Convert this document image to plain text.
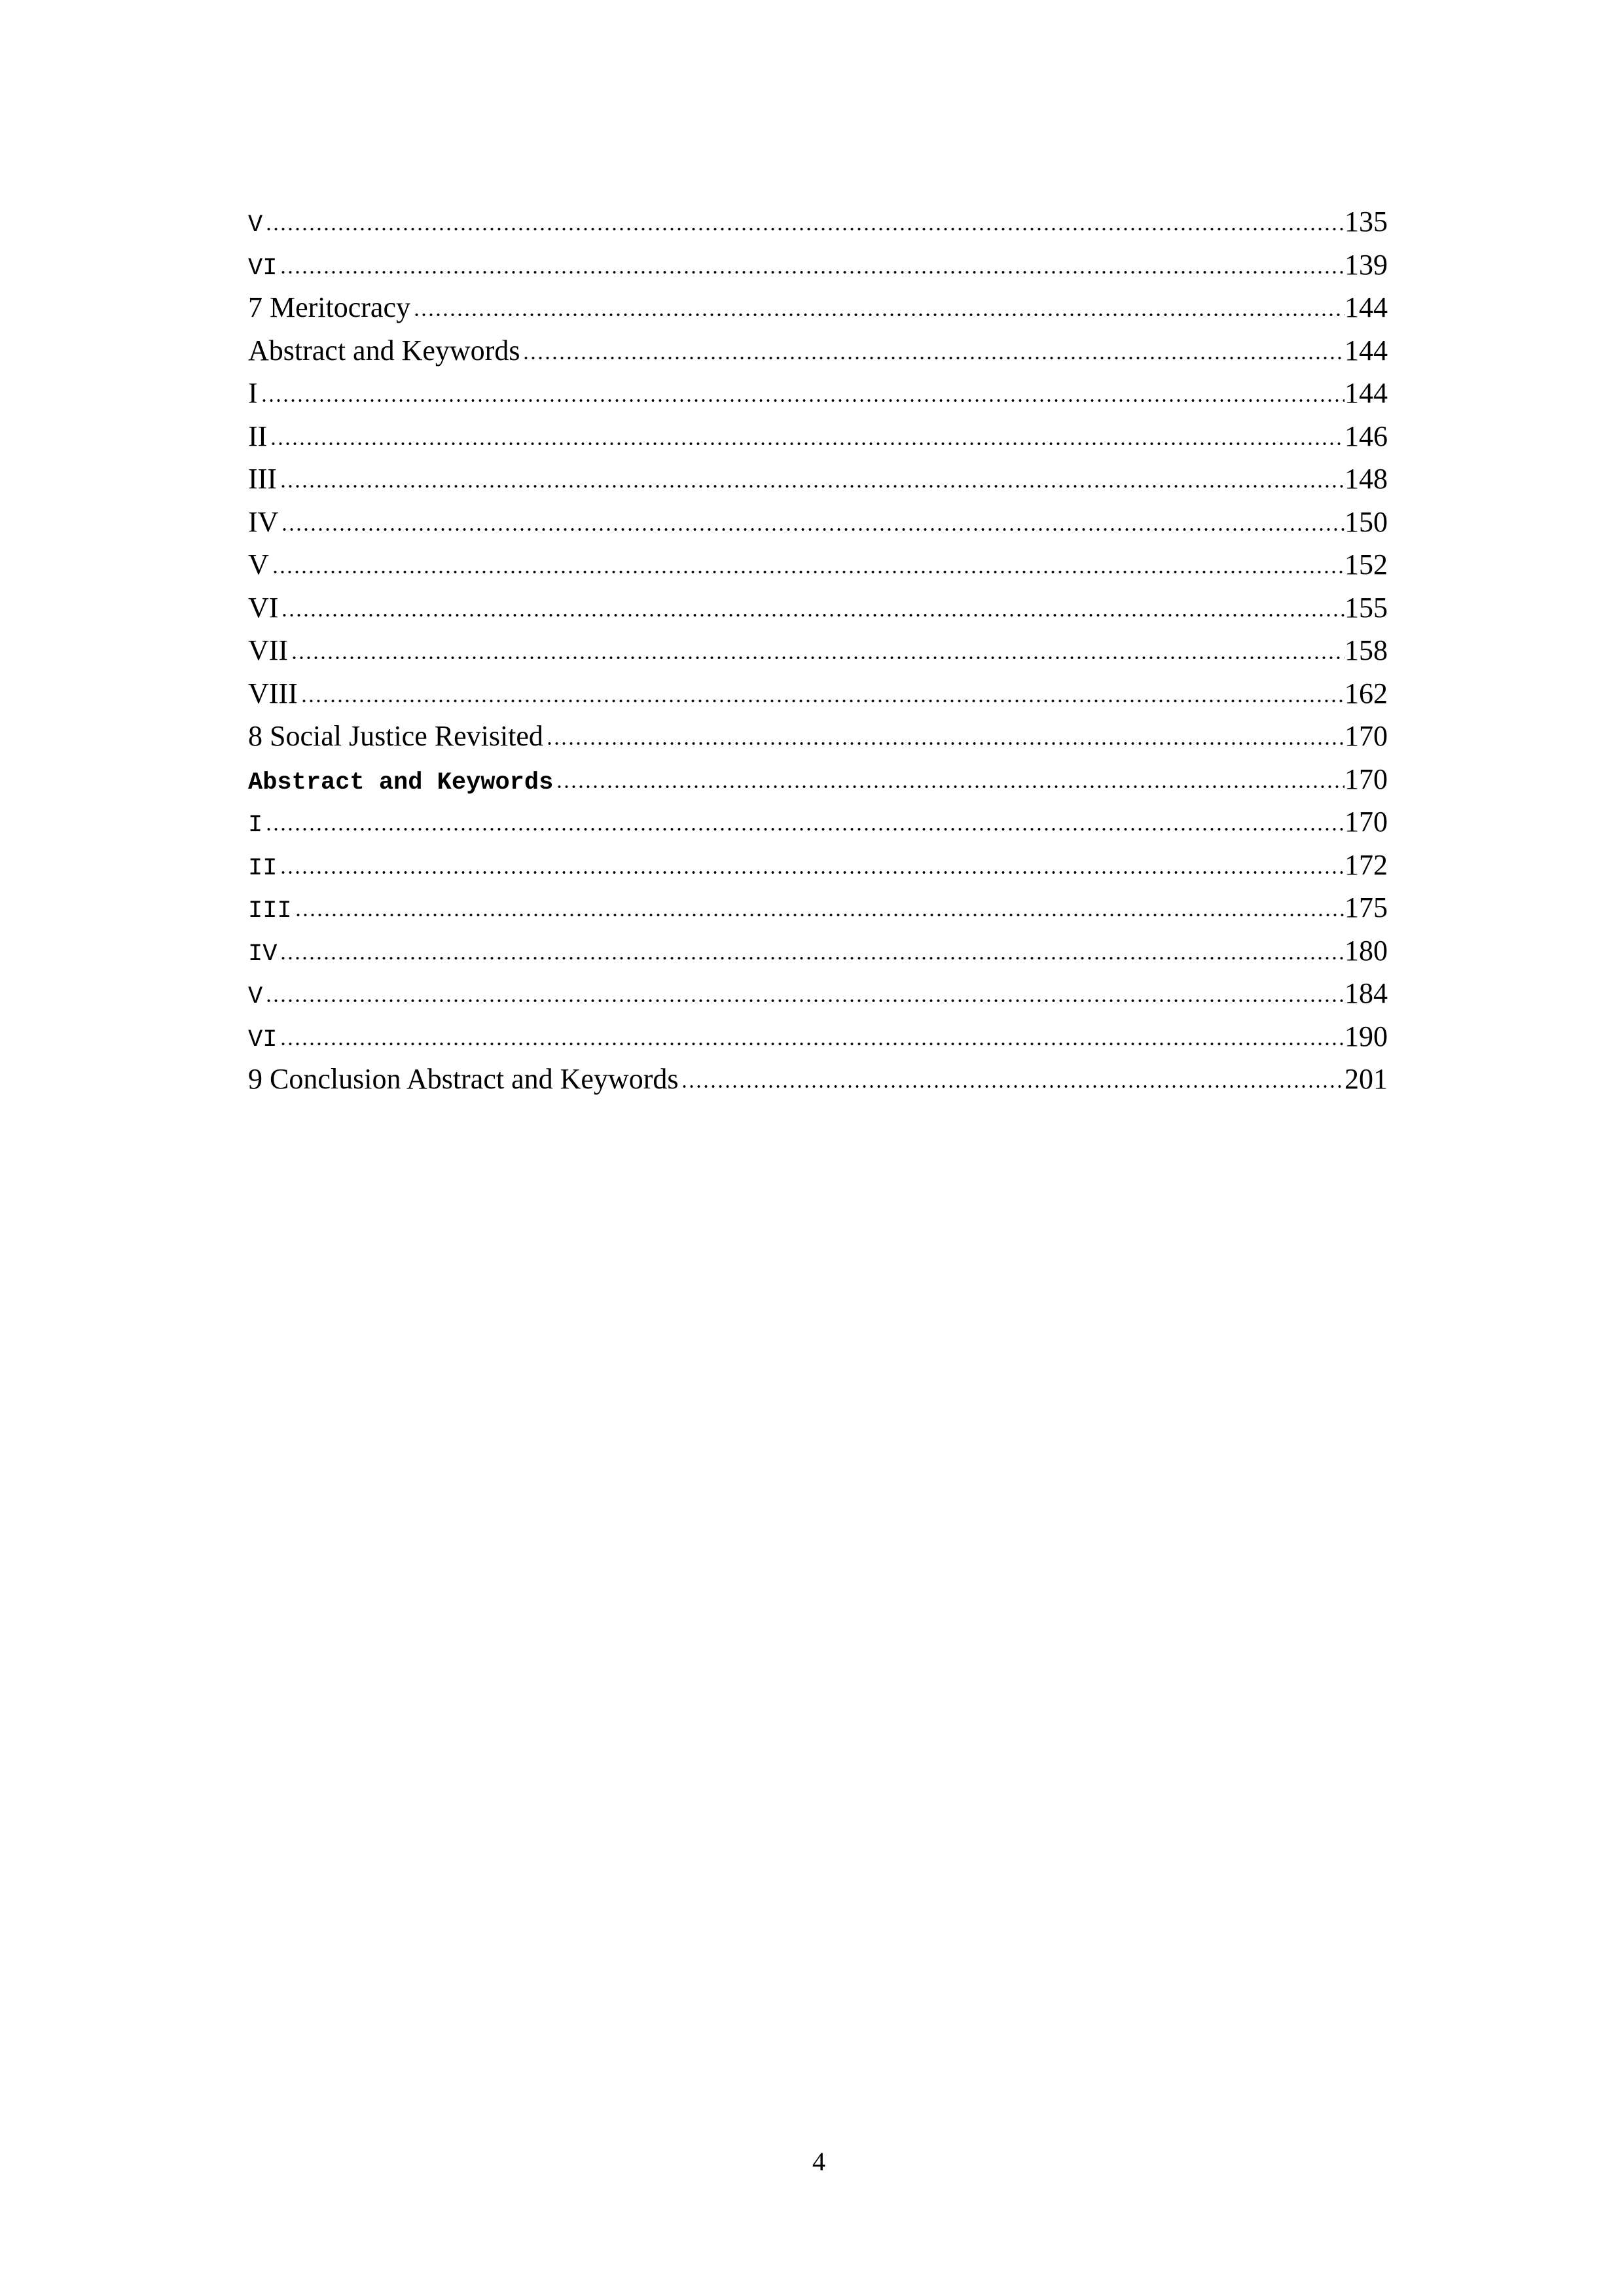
V	135
VI	139
7 Meritocracy	144
Abstract and Keywords	144
I	144
II	146
III	148
IV	150
V	152
VI	155
VII	158
VIII	162
8 Social Justice Revisited	170
Abstract and Keywords	170
I	170
II	172
III	175
IV	180
V	184
VI	190
9 Conclusion Abstract and Keywords	201
4
